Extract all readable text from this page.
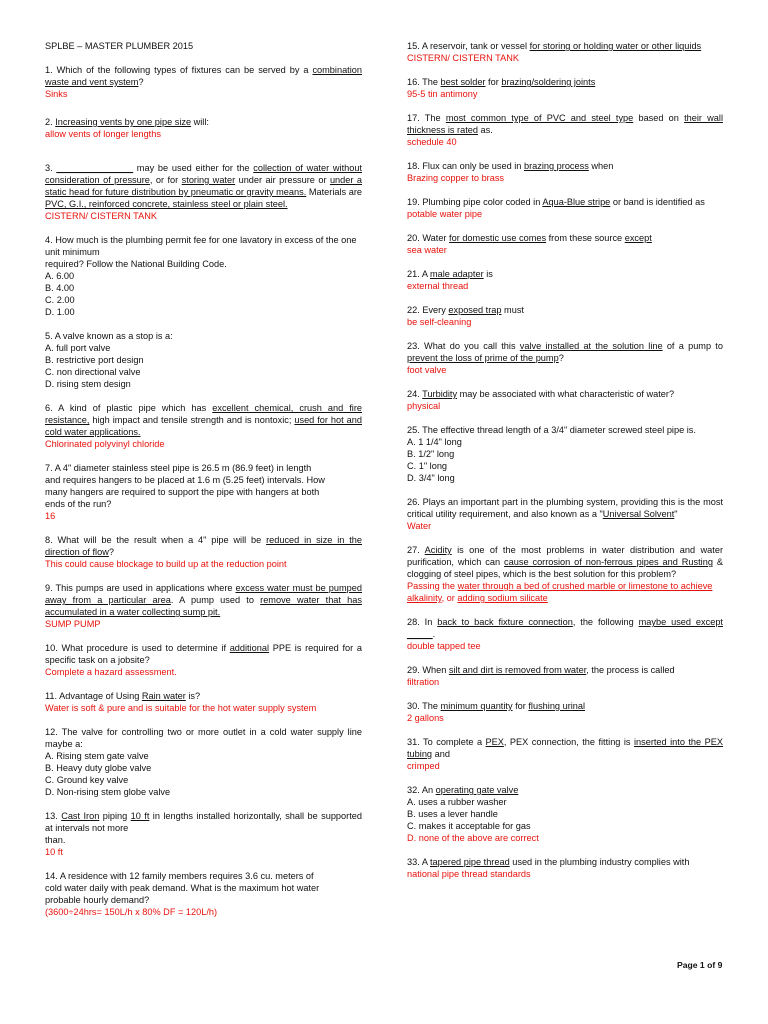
SPLBE – MASTER PLUMBER 2015
1. Which of the following types of fixtures can be served by a combination waste and vent system?
Sinks
2. Increasing vents by one pipe size will:
allow vents of longer lengths
3. _______________ may be used either for the collection of water without consideration of pressure, or for storing water under air pressure or under a static head for future distribution by pneumatic or gravity means. Materials are PVC, G.I., reinforced concrete, stainless steel or plain steel.
CISTERN/ CISTERN TANK
4. How much is the plumbing permit fee for one lavatory in excess of the one unit minimum
required? Follow the National Building Code.
A. 6.00
B. 4.00
C. 2.00
D. 1.00
5. A valve known as a stop is a:
A. full port valve
B. restrictive port design
C. non directional valve
D. rising stem design
6. A kind of plastic pipe which has excellent chemical, crush and fire resistance, high impact and tensile strength and is nontoxic; used for hot and cold water applications.
Chlorinated polyvinyl chloride
7. A 4" diameter stainless steel pipe is 26.5 m (86.9 feet) in length
and requires hangers to be placed at 1.6 m (5.25 feet) intervals. How
many hangers are required to support the pipe with hangers at both
ends of the run?
16
8. What will be the result when a 4" pipe will be reduced in size in the direction of flow?
This could cause blockage to build up at the reduction point
9. This pumps are used in applications where excess water must be pumped away from a particular area. A pump used to remove water that has accumulated in a water collecting sump pit.
SUMP PUMP
10. What procedure is used to determine if additional PPE is required for a specific task on a jobsite?
Complete a hazard assessment.
11. Advantage of Using Rain water is?
Water is soft & pure and is suitable for the hot water supply system
12. The valve for controlling two or more outlet in a cold water supply line maybe a:
A. Rising stem gate valve
B. Heavy duty globe valve
C. Ground key valve
D. Non-rising stem globe valve
13. Cast Iron piping 10 ft in lengths installed horizontally, shall be supported at intervals not more
than.
10 ft
14. A residence with 12 family members requires 3.6 cu. meters of
cold water daily with peak demand. What is the maximum hot water
probable hourly demand?
(3600÷24hrs= 150L/h x 80% DF = 120L/h)
15. A reservoir, tank or vessel for storing or holding water or other liquids
CISTERN/ CISTERN TANK
16. The best solder for brazing/soldering joints
95-5 tin antimony
17. The most common type of PVC and steel type based on their wall thickness is rated as.
schedule 40
18. Flux can only be used in brazing process when
Brazing copper to brass
19. Plumbing pipe color coded in Aqua-Blue stripe or band is identified as
potable water pipe
20. Water for domestic use comes from these source except
sea water
21. A male adapter is
external thread
22. Every exposed trap must
be self-cleaning
23. What do you call this valve installed at the solution line of a pump to prevent the loss of prime of the pump?
foot valve
24. Turbidity may be associated with what characteristic of water?
physical
25. The effective thread length of a 3/4" diameter screwed steel pipe is.
A. 1 1/4" long
B. 1/2" long
C. 1" long
D. 3/4" long
26. Plays an important part in the plumbing system, providing this is the most critical utility requirement, and also known as a "Universal Solvent"
Water
27. Acidity is one of the most problems in water distribution and water purification, which can cause corrosion of non-ferrous pipes and Rusting & clogging of steel pipes, which is the best solution for this problem?
Passing the water through a bed of crushed marble or limestone to achieve alkalinity, or adding sodium silicate
28. In back to back fixture connection, the following maybe used except _____.
double tapped tee
29. When silt and dirt is removed from water, the process is called
filtration
30. The minimum quantity for flushing urinal
2 gallons
31. To complete a PEX, PEX connection, the fitting is inserted into the PEX tubing and
crimped
32. An operating gate valve
A. uses a rubber washer
B. uses a lever handle
C. makes it acceptable for gas
D. none of the above are correct
33. A tapered pipe thread used in the plumbing industry complies with
national pipe thread standards
Page 1 of 9
